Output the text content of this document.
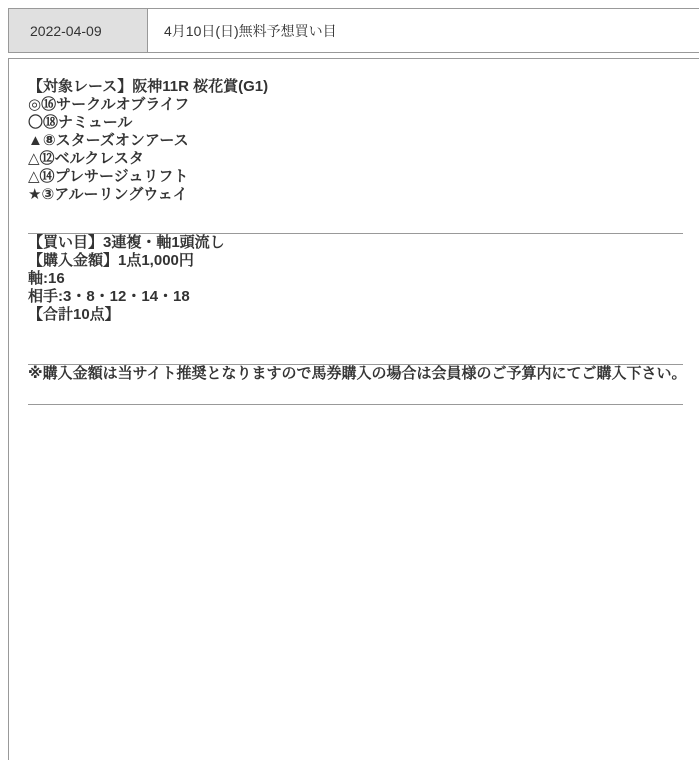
2022-04-09	4月10日(日)無料予想買い目

【対象レース】阪神11R 桜花賞(G1)

◎⑯サークルオブライフ

〇⑱ナミュール

▲⑧スターズオンアース

△⑫ベルクレスタ

△⑭プレサージュリフト

★③アルーリングウェイ

【買い目】3連複・軸1頭流し

【購入金額】1点1,000円

軸:16

相手:3・8・12・14・18

【合計10点】

※購入金額は当サイト推奨となりますので馬券購入の場合は会員様のご予算内にてご購入下さい。
